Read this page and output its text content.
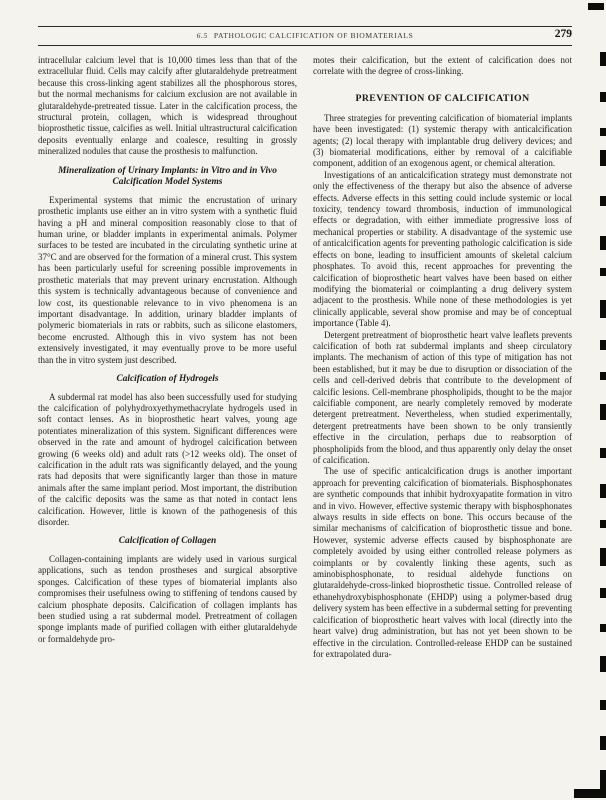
6.5 PATHOLOGIC CALCIFICATION OF BIOMATERIALS	279

intracellular calcium level that is 10,000 times less than that of the extracellular fluid. Cells may calcify after glutaraldehyde pretreatment because this cross-linking agent stabilizes all the phosphorous stores, but the normal mechanisms for calcium exclusion are not available in glutaraldehyde-pretreated tissue. Later in the calcification process, the structural protein, collagen, which is widespread throughout bioprosthetic tissue, calcifies as well. Initial ultrastructural calcification deposits eventually enlarge and coalesce, resulting in grossly mineralized nodules that cause the prosthesis to malfunction.

Mineralization of Urinary Implants: in Vitro and in Vivo Calcification Model Systems

Experimental systems that mimic the encrustation of urinary prosthetic implants use either an in vitro system with a synthetic fluid having a pH and mineral composition reasonably close to that of human urine, or bladder implants in experimental animals. Polymer surfaces to be tested are incubated in the circulating synthetic urine at 37°C and are observed for the formation of a mineral crust. This system has been particularly useful for screening possible improvements in prosthetic materials that may prevent urinary encrustation. Although this system is technically advantageous because of convenience and low cost, its questionable relevance to in vivo phenomena is an important disadvantage. In addition, urinary bladder implants of polymeric biomaterials in rats or rabbits, such as silicone elastomers, become encrusted. Although this in vivo system has not been extensively investigated, it may eventually prove to be more useful than the in vitro system just described.

Calcification of Hydrogels

A subdermal rat model has also been successfully used for studying the calcification of polyhydroxyethymethacrylate hydrogels used in soft contact lenses. As in bioprosthetic heart valves, young age potentiates mineralization of this system. Significant differences were observed in the rate and amount of hydrogel calcification between growing (6 weeks old) and adult rats (>12 weeks old). The onset of calcification in the adult rats was significantly delayed, and the young rats had deposits that were significantly larger than those in mature animals after the same implant period. Most important, the distribution of the calcific deposits was the same as that noted in contact lens calcification. However, little is known of the pathogenesis of this disorder.

Calcification of Collagen

Collagen-containing implants are widely used in various surgical applications, such as tendon prostheses and surgical absorptive sponges. Calcification of these types of biomaterial implants also compromises their usefulness owing to stiffening of tendons caused by calcium phosphate deposits. Calcification of collagen implants has been studied using a rat subdermal model. Pretreatment of collagen sponge implants made of purified collagen with either glutaraldehyde or formaldehyde pro-

motes their calcification, but the extent of calcification does not correlate with the degree of cross-linking.

PREVENTION OF CALCIFICATION

Three strategies for preventing calcification of biomaterial implants have been investigated: (1) systemic therapy with anticalcification agents; (2) local therapy with implantable drug delivery devices; and (3) biomaterial modifications, either by removal of a calcifiable component, addition of an exogenous agent, or chemical alteration.

Investigations of an anticalcification strategy must demonstrate not only the effectiveness of the therapy but also the absence of adverse effects. Adverse effects in this setting could include systemic or local toxicity, tendency toward thrombosis, induction of immunological effects or degradation, with either immediate progressive loss of mechanical properties or stability. A disadvantage of the systemic use of anticalcification agents for preventing pathologic calcification is side effects on bone, leading to insufficient amounts of skeletal calcium phosphates. To avoid this, recent approaches for preventing the calcification of bioprosthetic heart valves have been based on either modifying the biomaterial or coimplanting a drug delivery system adjacent to the prosthesis. While none of these methodologies is yet clinically applicable, several show promise and may be of conceptual importance (Table 4).

Detergent pretreatment of bioprosthetic heart valve leaflets prevents calcification of both rat subdermal implants and sheep circulatory implants. The mechanism of action of this type of mitigation has not been established, but it may be due to disruption or dissociation of the cells and cell-derived debris that contribute to the development of calcific lesions. Cell-membrane phospholipids, thought to be the major calcifiable component, are nearly completely removed by moderate detergent pretreatment. Nevertheless, when studied experimentally, detergent pretreatments have been shown to be only transiently effective in the circulation, perhaps due to reabsorption of phospholipids from the blood, and thus apparently only delay the onset of calcification.

The use of specific anticalcification drugs is another important approach for preventing calcification of biomaterials. Bisphosphonates are synthetic compounds that inhibit hydroxyapatite formation in vitro and in vivo. However, effective systemic therapy with bisphosphonates always results in side effects on bone. This occurs because of the similar mechanisms of calcification of bioprosthetic tissue and bone. However, systemic adverse effects caused by bisphosphonate are completely avoided by using either controlled release polymers as coimplants or by covalently linking these agents, such as aminobisphosphonate, to residual aldehyde functions on glutaraldehyde-cross-linked bioprosthetic tissue. Controlled release of ethanehydroxybisphosphonate (EHDP) using a polymer-based drug delivery system has been effective in a subdermal setting for preventing calcification of bioprosthetic heart valves with local (directly into the heart valve) drug administration, but has not yet been shown to be effective in the circulation. Controlled-release EHDP can be sustained for extrapolated dura-
